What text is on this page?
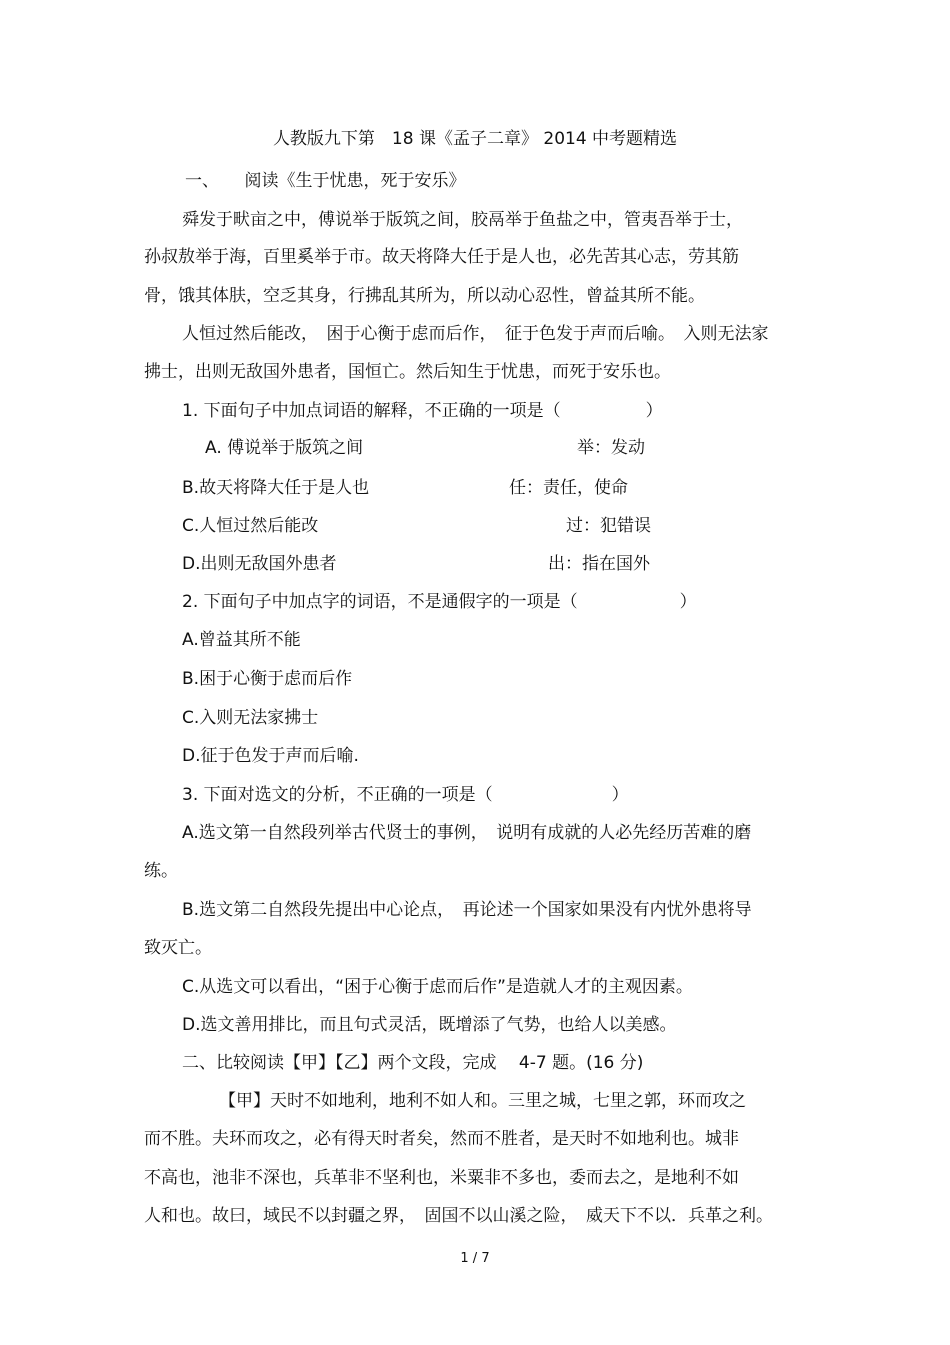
人教版九下第　18 课《孟子二章》 2014 中考题精选
一、　　阅读《生于忧患，死于安乐》
舜发于畎亩之中，傅说举于版筑之间，胶鬲举于鱼盐之中，管夷吾举于士，
孙叔敖举于海，百里奚举于市。故天将降大任于是人也，必先苦其心志，劳其筋
骨，饿其体肤，空乏其身，行拂乱其所为，所以动心忍性，曾益其所不能。
人恒过然后能改，　困于心衡于虑而后作，　征于色发于声而后喻。　入则无法家
拂士，出则无敌国外患者，国恒亡。然后知生于忧患，而死于安乐也。
1. 下面句子中加点词语的解释，不正确的一项是（　　　　　）
A. 傅说举于版筑之间	举：发动
B.故天将降大任于是人也	任：责任，使命
C.人恒过然后能改	过：犯错误
D.出则无敌国外患者	出：指在国外
2. 下面句子中加点字的词语，不是通假字的一项是（　　　　　　）
A.曾益其所不能
B.困于心衡于虑而后作
C.入则无法家拂士
D.征于色发于声而后喻.
3. 下面对选文的分析，不正确的一项是（　　　　　　　）
A.选文第一自然段列举古代贤士的事例，　说明有成就的人必先经历苦难的磨
练。
B.选文第二自然段先提出中心论点，　再论述一个国家如果没有内忧外患将导
致灭亡。
C.从选文可以看出，“困于心衡于虑而后作”是造就人才的主观因素。
D.选文善用排比，而且句式灵活，既增添了气势，也给人以美感。
二、比较阅读【甲】【乙】两个文段，完成　 4-7 题。(16 分)
【甲】天时不如地利，地利不如人和。三里之城，七里之郭，环而攻之
而不胜。夫环而攻之，必有得天时者矣，然而不胜者，是天时不如地利也。城非
不高也，池非不深也，兵革非不坚利也，米粟非不多也，委而去之，是地利不如
人和也。故曰，域民不以封疆之界，　固国不以山溪之险，　威天下不以．兵革之利。
1 / 7
